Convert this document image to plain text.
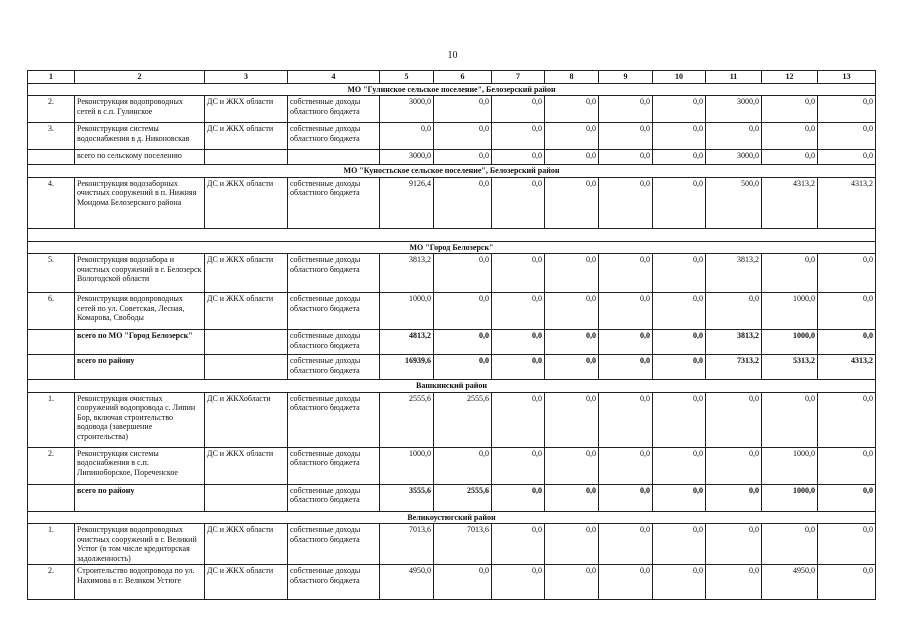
10
1	2	3	4	5	6	7	8	9	10	11	12	13
МО "Гулинское сельское поселение", Белозерский район												
2.	Реконструкция водопроводных сетей в с.п. Гулинское	ДС и ЖКХ области	собственные доходы областного бюджета	3000,0	0,0	0,0	0,0	0,0	0,0	3000,0	0,0	0,0
3.	Реконструкция системы водоснабжения в д. Никоновская	ДС и ЖКХ области	собственные доходы областного бюджета	0,0	0,0	0,0	0,0	0,0	0,0	0,0	0,0	0,0
	всего по сельскому поселению			3000,0	0,0	0,0	0,0	0,0	0,0	3000,0	0,0	0,0
МО "Куностьское сельское поселение", Белозерский район												
4.	Реконструкция водозаборных очистных сооружений в п. Нижняя Мондома Белозерского района	ДС и ЖКХ области	собственные доходы областного бюджета	9126,4	0,0	0,0	0,0	0,0	0,0	500,0	4313,2	4313,2

МО "Город Белозерск"												
5.	Реконструкция водозабора и очистных сооружений в г. Белозерск Вологодской области	ДС и ЖКХ области	собственные доходы областного бюджета	3813,2	0,0	0,0	0,0	0,0	0,0	3813,2	0,0	0,0
6.	Реконструкция водопроводных сетей по ул. Советская, Лесная, Комарова, Свободы	ДС и ЖКХ области	собственные доходы областного бюджета	1000,0	0,0	0,0	0,0	0,0	0,0	0,0	1000,0	0,0
	всего по МО "Город Белозерск"		собственные доходы областного бюджета	4813,2	0,0	0,0	0,0	0,0	0,0	3813,2	1000,0	0,0
	всего по району		собственные доходы областного бюджета	16939,6	0,0	0,0	0,0	0,0	0,0	7313,2	5313,2	4313,2
Вашкинский район												
1.	Реконструкция очистных сооружений водопровода с. Липин Бор, включая строительство водовода (завершение строительства)	ДС и ЖКХобласти	собственные доходы областного бюджета	2555,6	2555,6	0,0	0,0	0,0	0,0	0,0	0,0	0,0
2.	Реконструкция системы водоснабжения в с.п. Липиноборское, Пореченское	ДС и ЖКХ области	собственные доходы областного бюджета	1000,0	0,0	0,0	0,0	0,0	0,0	0,0	1000,0	0,0
	всего по району		собственные доходы областного бюджета	3555,6	2555,6	0,0	0,0	0,0	0,0	0,0	1000,0	0,0
Великоустюгский район												
1.	Реконструкция водопроводных очистных сооружений в г. Великий Устюг (в том числе кредиторская задолженность)	ДС и ЖКХ области	собственные доходы областного бюджета	7013,6	7013,6	0,0	0,0	0,0	0,0	0,0	0,0	0,0
2.	Строительство водопровода по ул. Нахимова в г. Великом Устюге	ДС и ЖКХ области	собственные доходы областного бюджета	4950,0	0,0	0,0	0,0	0,0	0,0	0,0	4950,0	0,0
